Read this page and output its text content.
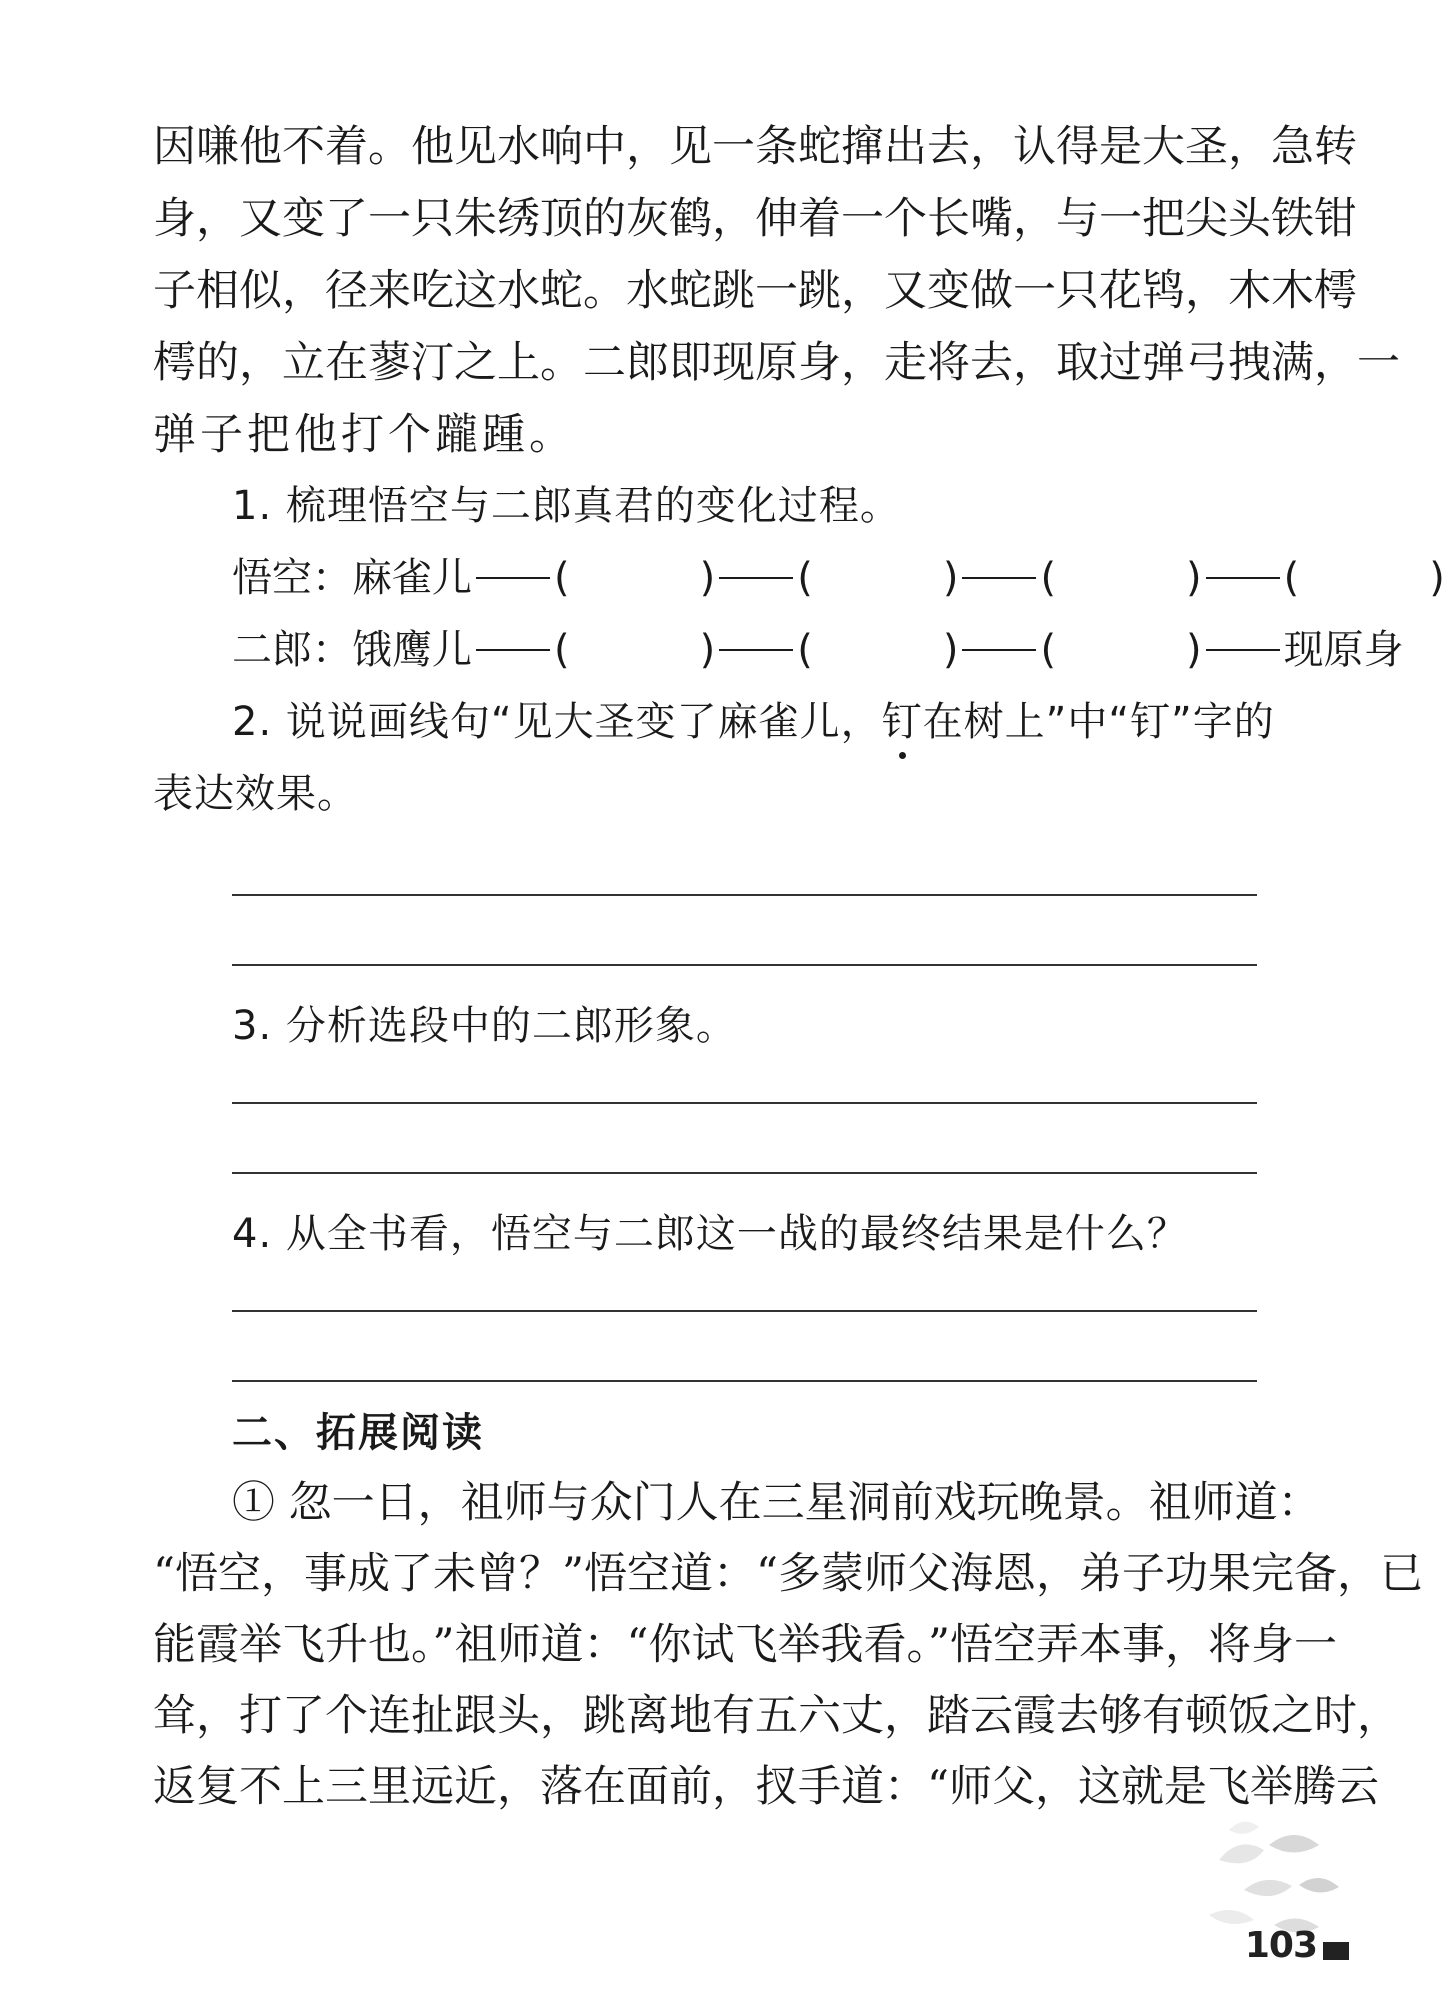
因嗛他不着。他见水响中，见一条蛇撺出去，认得是大圣，急转
身，又变了一只朱绣顶的灰鹤，伸着一个长嘴，与一把尖头铁钳
子相似，径来吃这水蛇。水蛇跳一跳，又变做一只花鸨，木木樗
樗的，立在蓼汀之上。二郎即现原身，走将去，取过弹弓拽满，一
弹子把他打个躘踵。
1. 梳理悟空与二郎真君的变化过程。
悟空： 麻雀儿 (	) (	) (	) (	)
二郎： 饿鹰儿 (	) (	) (	) 现原身
2. 说说画线句“见大圣变了麻雀儿，钉在树上”中“钉”字的
表达效果。
3. 分析选段中的二郎形象。
4. 从全书看，悟空与二郎这一战的最终结果是什么？
二、拓展阅读
① 忽一日，祖师与众门人在三星洞前戏玩晚景。祖师道：
“悟空，事成了未曾？”悟空道：“多蒙师父海恩，弟子功果完备，已
能霞举飞升也。”祖师道：“你试飞举我看。”悟空弄本事，将身一
耸，打了个连扯跟头，跳离地有五六丈，踏云霞去够有顿饭之时，
返复不上三里远近，落在面前，扠手道：“师父，这就是飞举腾云
103
